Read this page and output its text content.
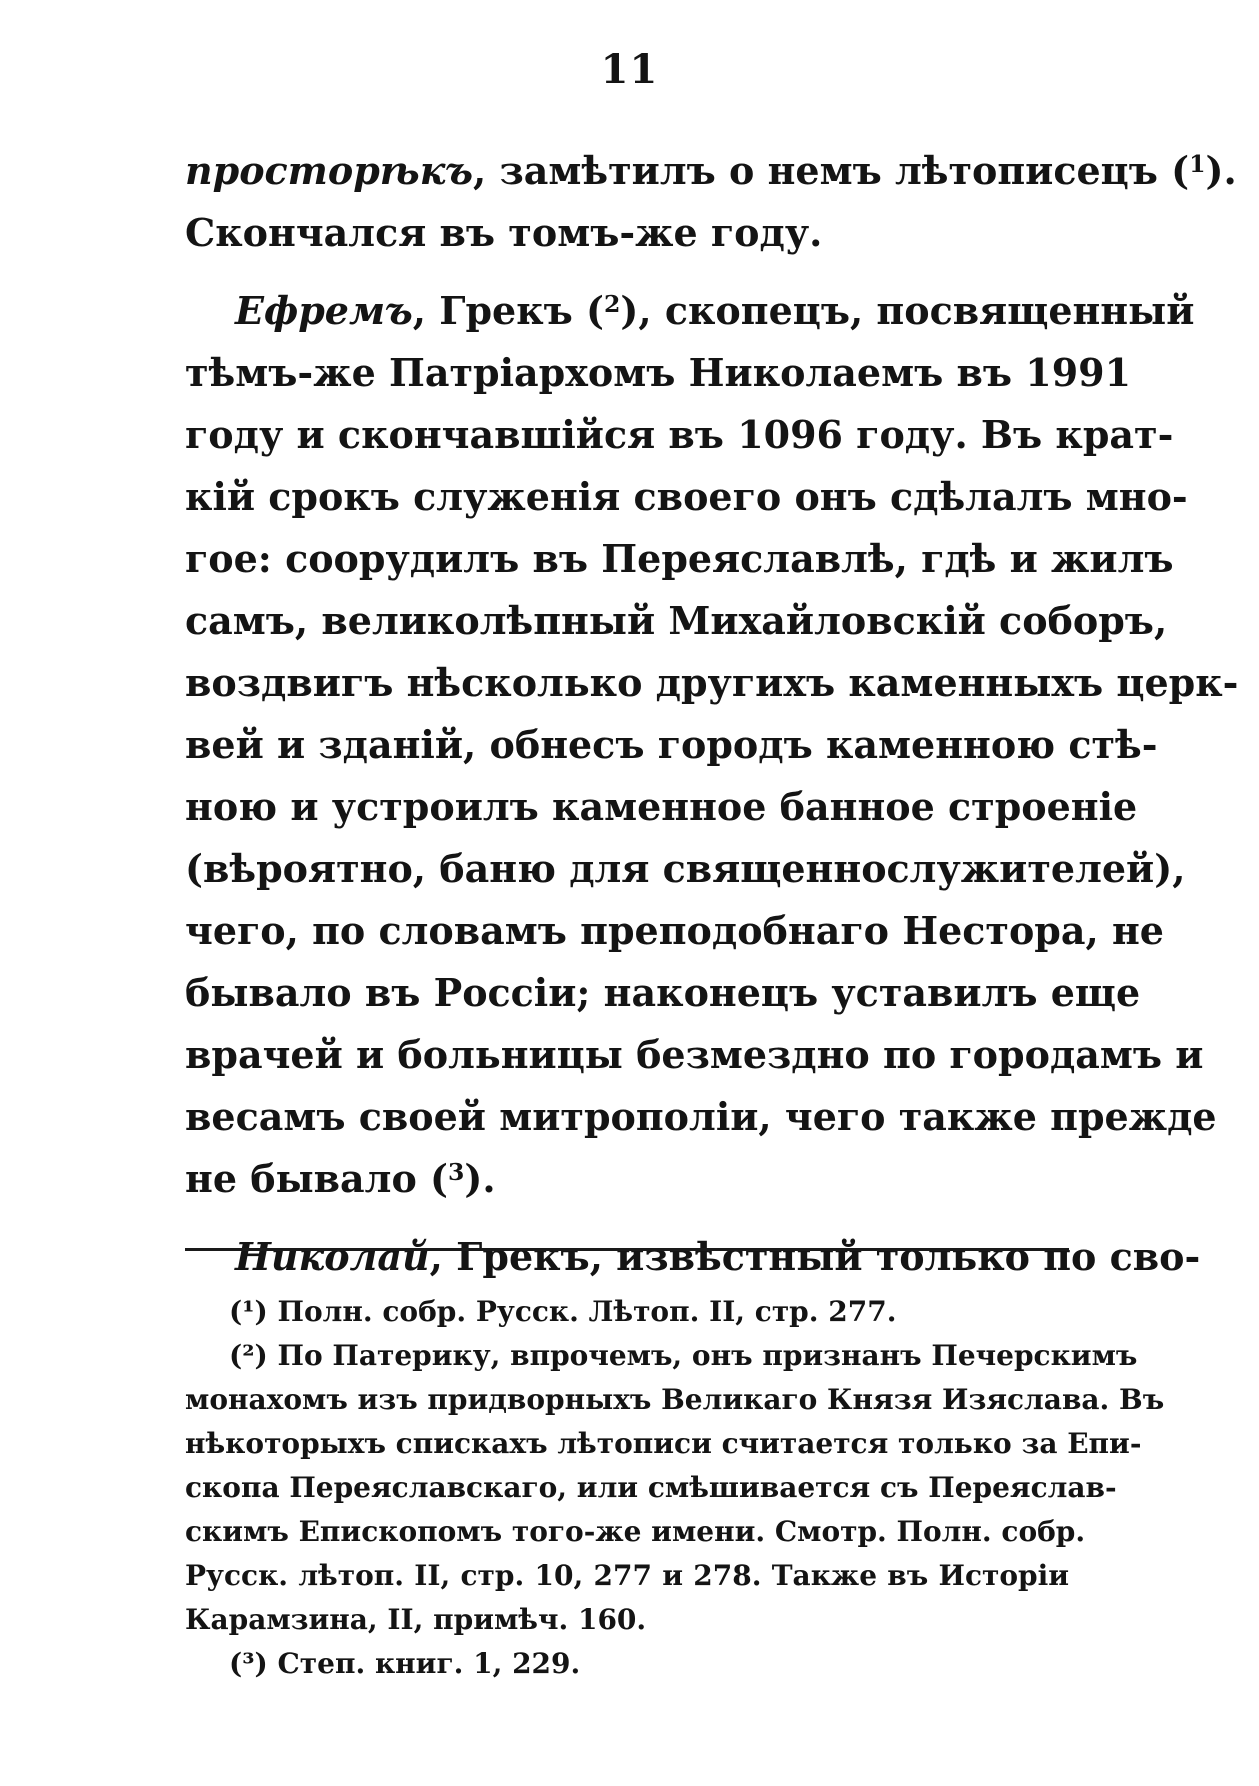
11
просторѣкъ, замѣтилъ о немъ лѣтописецъ ($^1$).
Скончался въ томъ-же году.
Ефремъ, Грекъ ($^2$), скопецъ, посвященный
тѣмъ-же Патріархомъ Николаемъ въ 1991
году и скончавшійся въ 1096 году. Въ крат-
кій срокъ служенія своего онъ сдѣлалъ мно-
гое: соорудилъ въ Переяславлѣ, гдѣ и жилъ
самъ, великолѣпный Михайловскій соборъ,
воздвигъ нѣсколько другихъ каменныхъ церк-
вей и зданій, обнесъ городъ каменною стѣ-
ною и устроилъ каменное банное строеніе
(вѣроятно, баню для священнослужителей),
чего, по словамъ преподобнаго Нестора, не
бывало въ Россіи; наконецъ уставилъ еще
врачей и больницы безмездно по городамъ и
весамъ своей митрополіи, чего также прежде
не бывало ($^3$).
Николай, Грекъ, извѣстный только по сво-
(¹) Полн. собр. Русск. Лѣтоп. II, стр. 277.
(²) По Патерику, впрочемъ, онъ признанъ Печерскимъ
монахомъ изъ придворныхъ Великаго Князя Изяслава. Въ
нѣкоторыхъ спискахъ лѣтописи считается только за Епи-
скопа Переяславскаго, или смѣшивается съ Переяслав-
скимъ Епископомъ того-же имени. Смотр. Полн. собр.
Русск. лѣтоп. II, стр. 10, 277 и 278. Также въ Исторіи
Карамзина, II, примѣч. 160.
(³) Степ. книг. 1, 229.
